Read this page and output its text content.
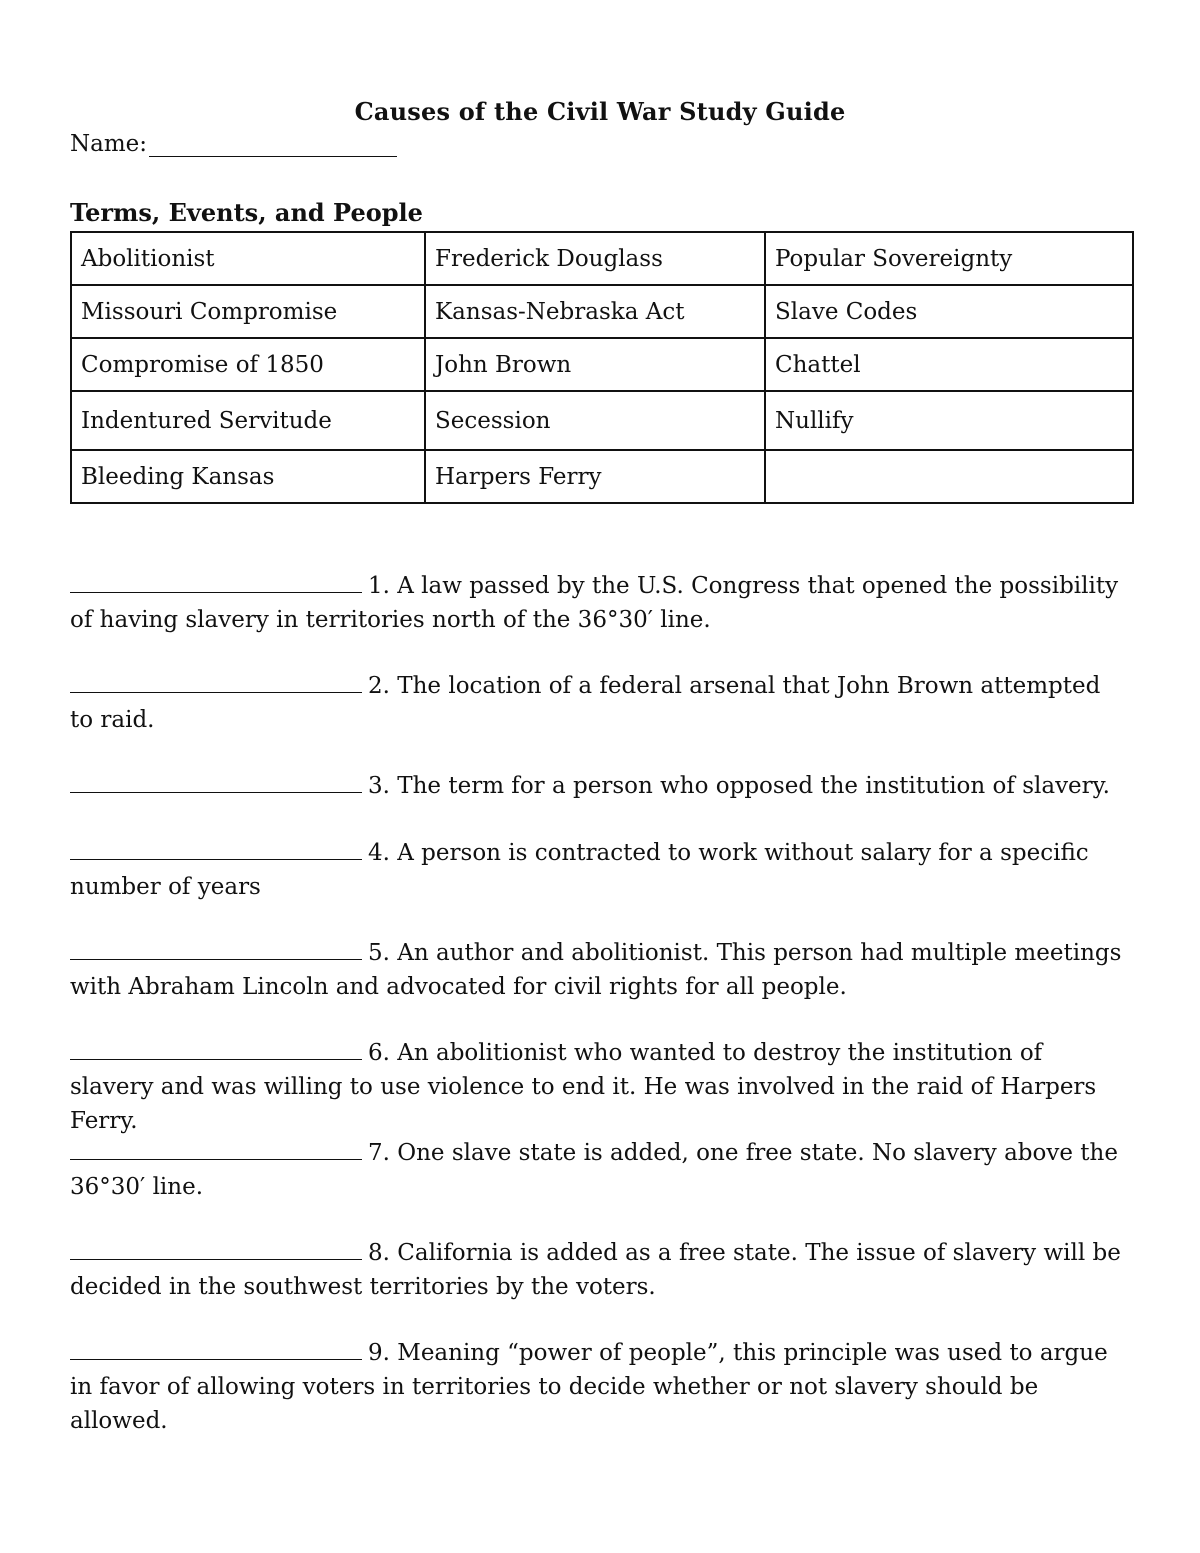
Causes of the Civil War Study Guide
Name:
Terms, Events, and People
Abolitionist	Frederick Douglass	Popular Sovereignty
Missouri Compromise	Kansas-Nebraska Act	Slave Codes
Compromise of 1850	John Brown	Chattel
Indentured Servitude	Secession	Nullify
Bleeding Kansas	Harpers Ferry	
1. A law passed by the U.S. Congress that opened the possibility of having slavery in territories north of the 36°30′ line.
2. The location of a federal arsenal that John Brown attempted to raid.
3. The term for a person who opposed the institution of slavery.
4. A person is contracted to work without salary for a specific number of years
5. An author and abolitionist. This person had multiple meetings with Abraham Lincoln and advocated for civil rights for all people.
6. An abolitionist who wanted to destroy the institution of slavery and was willing to use violence to end it. He was involved in the raid of Harpers Ferry.
7. One slave state is added, one free state. No slavery above the 36°30′ line.
8. California is added as a free state. The issue of slavery will be decided in the southwest territories by the voters.
9. Meaning “power of people”, this principle was used to argue in favor of allowing voters in territories to decide whether or not slavery should be allowed.
